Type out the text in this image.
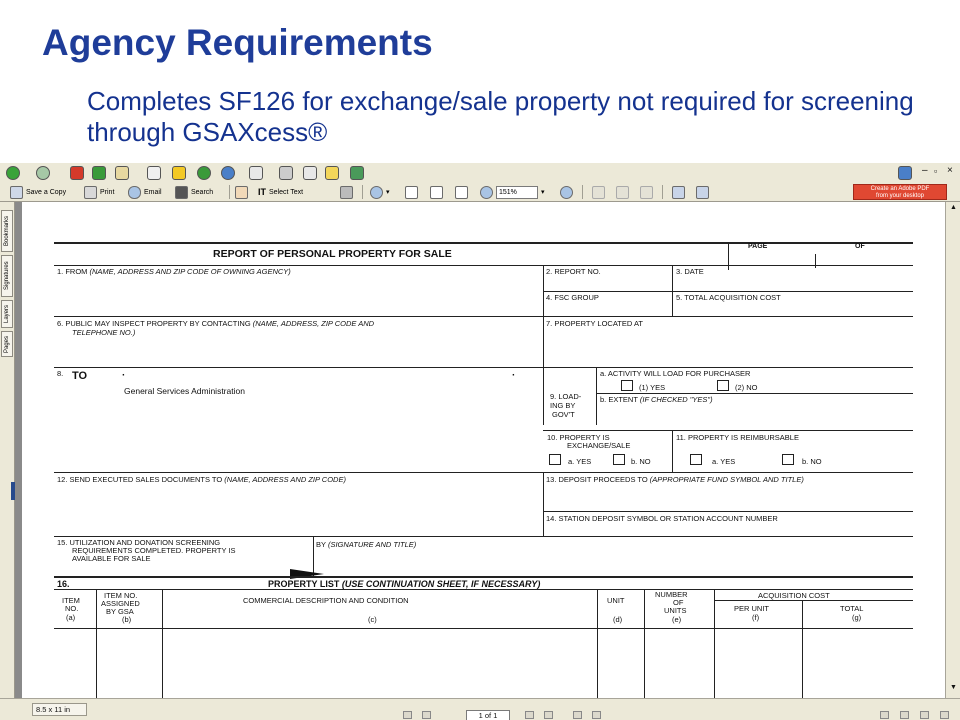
Agency Requirements
Completes SF126 for exchange/sale property not required for screening through GSAXcess®
– ▫ ×
Save a Copy	Print	Email	Search	IT Select Text	▾	151%	▾	Create an Adobe PDF
from your desktop
Bookmarks
Signatures
Layers
Pages
REPORT OF PERSONAL PROPERTY FOR SALE
PAGE	OF
1. FROM (NAME, ADDRESS AND ZIP CODE OF OWNING AGENCY)	2. REPORT NO.	3. DATE
4. FSC GROUP	5. TOTAL ACQUISITION COST
6. PUBLIC MAY INSPECT PROPERTY BY CONTACTING (NAME, ADDRESS, ZIP CODE AND
TELEPHONE NO.)
7. PROPERTY LOCATED AT
8. TO	·	·
General Services Administration
9. LOAD-
ING BY
GOV'T
a. ACTIVITY WILL LOAD FOR PURCHASER
(1) YES	(2) NO
b. EXTENT (IF CHECKED "YES")
10. PROPERTY IS
EXCHANGE/SALE
11. PROPERTY IS REIMBURSABLE
a. YES	b. NO	a. YES	b. NO
12. SEND EXECUTED SALES DOCUMENTS TO (NAME, ADDRESS AND ZIP CODE)	13. DEPOSIT PROCEEDS TO (APPROPRIATE FUND SYMBOL AND TITLE)
14. STATION DEPOSIT SYMBOL OR STATION ACCOUNT NUMBER
15. UTILIZATION AND DONATION SCREENING
REQUIREMENTS COMPLETED. PROPERTY IS
AVAILABLE FOR SALE
BY (SIGNATURE AND TITLE)
16.	PROPERTY LIST (USE CONTINUATION SHEET, IF NECESSARY)
ITEM
NO.
(a)
ITEM NO.
ASSIGNED
BY GSA
(b)
COMMERCIAL DESCRIPTION AND CONDITION
(c)
UNIT
(d)
NUMBER
OF
UNITS
(e)
ACQUISITION COST
PER UNIT
(f)
TOTAL
(g)
▲
▼
8.5 x 11 in
1 of 1
